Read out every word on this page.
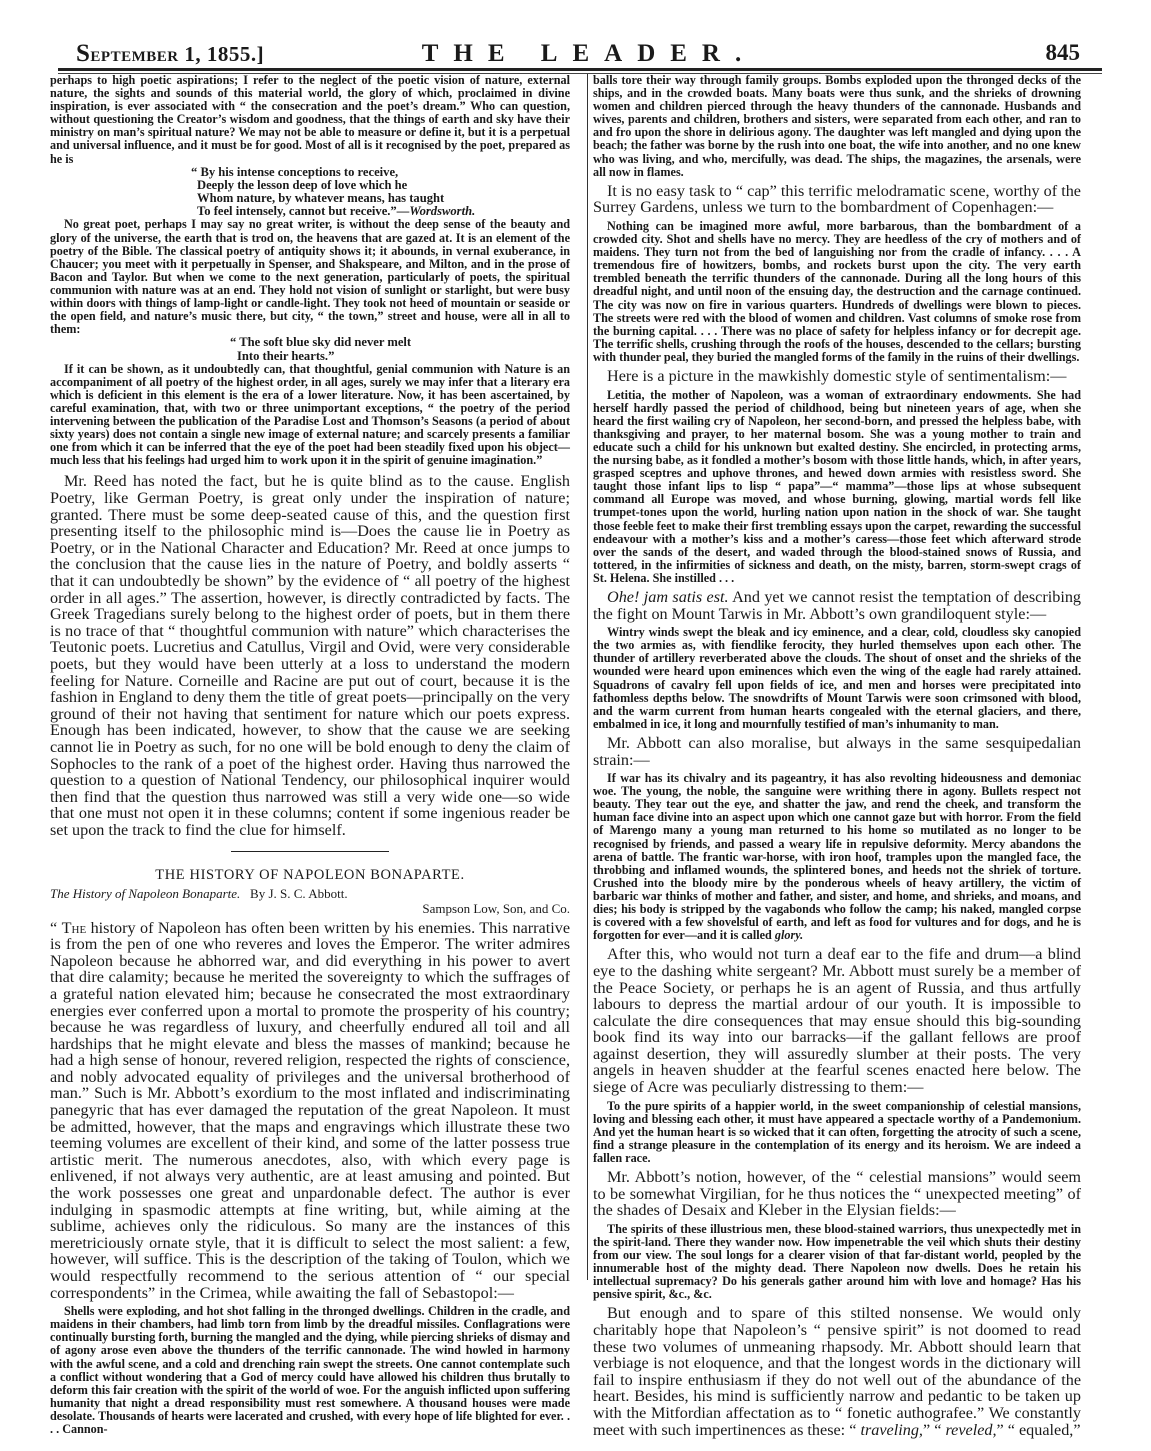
September 1, 1855.]	THE LEADER.	845

perhaps to high poetic aspirations; I refer to the neglect of the poetic vision of nature, external nature, the sights and sounds of this material world, the glory of which, proclaimed in divine inspiration, is ever associated with “ the consecration and the poet’s dream.” Who can question, without questioning the Creator’s wisdom and goodness, that the things of earth and sky have their ministry on man’s spiritual nature? We may not be able to measure or define it, but it is a perpetual and universal influence, and it must be for good. Most of all is it recognised by the poet, prepared as he is

“ By his intense conceptions to receive,
Deeply the lesson deep of love which he
Whom nature, by whatever means, has taught
To feel intensely, cannot but receive.”—Wordsworth.

No great poet, perhaps I may say no great writer, is without the deep sense of the beauty and glory of the universe, the earth that is trod on, the heavens that are gazed at. It is an element of the poetry of the Bible. The classical poetry of antiquity shows it; it abounds, in vernal exuberance, in Chaucer; you meet with it perpetually in Spenser, and Shakspeare, and Milton, and in the prose of Bacon and Taylor. But when we come to the next generation, particularly of poets, the spiritual communion with nature was at an end. They hold not vision of sunlight or starlight, but were busy within doors with things of lamp-light or candle-light. They took not heed of mountain or seaside or the open field, and nature’s music there, but city, “ the town,” street and house, were all in all to them:

“ The soft blue sky did never melt
Into their hearts.”

If it can be shown, as it undoubtedly can, that thoughtful, genial communion with Nature is an accompaniment of all poetry of the highest order, in all ages, surely we may infer that a literary era which is deficient in this element is the era of a lower literature. Now, it has been ascertained, by careful examination, that, with two or three unimportant exceptions, “ the poetry of the period intervening between the publication of the Paradise Lost and Thomson’s Seasons (a period of about sixty years) does not contain a single new image of external nature; and scarcely presents a familiar one from which it can be inferred that the eye of the poet had been steadily fixed upon his object—much less that his feelings had urged him to work upon it in the spirit of genuine imagination.”

Mr. Reed has noted the fact, but he is quite blind as to the cause. English Poetry, like German Poetry, is great only under the inspiration of nature; granted. There must be some deep-seated cause of this, and the question first presenting itself to the philosophic mind is—Does the cause lie in Poetry as Poetry, or in the National Character and Education? Mr. Reed at once jumps to the conclusion that the cause lies in the nature of Poetry, and boldly asserts “ that it can undoubtedly be shown” by the evidence of “ all poetry of the highest order in all ages.” The assertion, however, is directly contradicted by facts. The Greek Tragedians surely belong to the highest order of poets, but in them there is no trace of that “ thoughtful communion with nature” which characterises the Teutonic poets. Lucretius and Catullus, Virgil and Ovid, were very considerable poets, but they would have been utterly at a loss to understand the modern feeling for Nature. Corneille and Racine are put out of court, because it is the fashion in England to deny them the title of great poets—principally on the very ground of their not having that sentiment for nature which our poets express. Enough has been indicated, however, to show that the cause we are seeking cannot lie in Poetry as such, for no one will be bold enough to deny the claim of Sophocles to the rank of a poet of the highest order. Having thus narrowed the question to a question of National Tendency, our philosophical inquirer would then find that the question thus narrowed was still a very wide one—so wide that one must not open it in these columns; content if some ingenious reader be set upon the track to find the clue for himself.

THE HISTORY OF NAPOLEON BONAPARTE.
The History of Napoleon Bonaparte. By J. S. C. Abbott.
Sampson Low, Son, and Co.

“ The history of Napoleon has often been written by his enemies. This narrative is from the pen of one who reveres and loves the Emperor. The writer admires Napoleon because he abhorred war, and did everything in his power to avert that dire calamity; because he merited the sovereignty to which the suffrages of a grateful nation elevated him; because he consecrated the most extraordinary energies ever conferred upon a mortal to promote the prosperity of his country; because he was regardless of luxury, and cheerfully endured all toil and all hardships that he might elevate and bless the masses of mankind; because he had a high sense of honour, revered religion, respected the rights of conscience, and nobly advocated equality of privileges and the universal brotherhood of man.” Such is Mr. Abbott’s exordium to the most inflated and indiscriminating panegyric that has ever damaged the reputation of the great Napoleon. It must be admitted, however, that the maps and engravings which illustrate these two teeming volumes are excellent of their kind, and some of the latter possess true artistic merit. The numerous anecdotes, also, with which every page is enlivened, if not always very authentic, are at least amusing and pointed. But the work possesses one great and unpardonable defect. The author is ever indulging in spasmodic attempts at fine writing, but, while aiming at the sublime, achieves only the ridiculous. So many are the instances of this meretriciously ornate style, that it is difficult to select the most salient: a few, however, will suffice. This is the description of the taking of Toulon, which we would respectfully recommend to the serious attention of “ our special correspondents” in the Crimea, while awaiting the fall of Sebastopol:—

Shells were exploding, and hot shot falling in the thronged dwellings. Children in the cradle, and maidens in their chambers, had limb torn from limb by the dreadful missiles. Conflagrations were continually bursting forth, burning the mangled and the dying, while piercing shrieks of dismay and of agony arose even above the thunders of the terrific cannonade. The wind howled in harmony with the awful scene, and a cold and drenching rain swept the streets. One cannot contemplate such a conflict without wondering that a God of mercy could have allowed his children thus brutally to deform this fair creation with the spirit of the world of woe. For the anguish inflicted upon suffering humanity that night a dread responsibility must rest somewhere. A thousand houses were made desolate. Thousands of hearts were lacerated and crushed, with every hope of life blighted for ever. . . . Cannon-

balls tore their way through family groups. Bombs exploded upon the thronged decks of the ships, and in the crowded boats. Many boats were thus sunk, and the shrieks of drowning women and children pierced through the heavy thunders of the cannonade. Husbands and wives, parents and children, brothers and sisters, were separated from each other, and ran to and fro upon the shore in delirious agony. The daughter was left mangled and dying upon the beach; the father was borne by the rush into one boat, the wife into another, and no one knew who was living, and who, mercifully, was dead. The ships, the magazines, the arsenals, were all now in flames.

It is no easy task to “ cap” this terrific melodramatic scene, worthy of the Surrey Gardens, unless we turn to the bombardment of Copenhagen:—

Nothing can be imagined more awful, more barbarous, than the bombardment of a crowded city. Shot and shells have no mercy. They are heedless of the cry of mothers and of maidens. They turn not from the bed of languishing nor from the cradle of infancy. . . . A tremendous fire of howitzers, bombs, and rockets burst upon the city. The very earth trembled beneath the terrific thunders of the cannonade. During all the long hours of this dreadful night, and until noon of the ensuing day, the destruction and the carnage continued. The city was now on fire in various quarters. Hundreds of dwellings were blown to pieces. The streets were red with the blood of women and children. Vast columns of smoke rose from the burning capital. . . . There was no place of safety for helpless infancy or for decrepit age. The terrific shells, crushing through the roofs of the houses, descended to the cellars; bursting with thunder peal, they buried the mangled forms of the family in the ruins of their dwellings.

Here is a picture in the mawkishly domestic style of sentimentalism:—

Letitia, the mother of Napoleon, was a woman of extraordinary endowments. She had herself hardly passed the period of childhood, being but nineteen years of age, when she heard the first wailing cry of Napoleon, her second-born, and pressed the helpless babe, with thanksgiving and prayer, to her maternal bosom. She was a young mother to train and educate such a child for his unknown but exalted destiny. She encircled, in protecting arms, the nursing babe, as it fondled a mother’s bosom with those little hands, which, in after years, grasped sceptres and uphove thrones, and hewed down armies with resistless sword. She taught those infant lips to lisp “ papa”—“ mamma”—those lips at whose subsequent command all Europe was moved, and whose burning, glowing, martial words fell like trumpet-tones upon the world, hurling nation upon nation in the shock of war. She taught those feeble feet to make their first trembling essays upon the carpet, rewarding the successful endeavour with a mother’s kiss and a mother’s caress—those feet which afterward strode over the sands of the desert, and waded through the blood-stained snows of Russia, and tottered, in the infirmities of sickness and death, on the misty, barren, storm-swept crags of St. Helena. She instilled . . .

Ohe! jam satis est. And yet we cannot resist the temptation of describing the fight on Mount Tarwis in Mr. Abbott’s own grandiloquent style:—

Wintry winds swept the bleak and icy eminence, and a clear, cold, cloudless sky canopied the two armies as, with fiendlike ferocity, they hurled themselves upon each other. The thunder of artillery reverberated above the clouds. The shout of onset and the shrieks of the wounded were heard upon eminences which even the wing of the eagle had rarely attained. Squadrons of cavalry fell upon fields of ice, and men and horses were precipitated into fathomless depths below. The snowdrifts of Mount Tarwis were soon crimsoned with blood, and the warm current from human hearts congealed with the eternal glaciers, and there, embalmed in ice, it long and mournfully testified of man’s inhumanity to man.

Mr. Abbott can also moralise, but always in the same sesquipedalian strain:—

If war has its chivalry and its pageantry, it has also revolting hideousness and demoniac woe. The young, the noble, the sanguine were writhing there in agony. Bullets respect not beauty. They tear out the eye, and shatter the jaw, and rend the cheek, and transform the human face divine into an aspect upon which one cannot gaze but with horror. From the field of Marengo many a young man returned to his home so mutilated as no longer to be recognised by friends, and passed a weary life in repulsive deformity. Mercy abandons the arena of battle. The frantic war-horse, with iron hoof, tramples upon the mangled face, the throbbing and inflamed wounds, the splintered bones, and heeds not the shriek of torture. Crushed into the bloody mire by the ponderous wheels of heavy artillery, the victim of barbaric war thinks of mother and father, and sister, and home, and shrieks, and moans, and dies; his body is stripped by the vagabonds who follow the camp; his naked, mangled corpse is covered with a few shovelsful of earth, and left as food for vultures and for dogs, and he is forgotten for ever—and it is called glory.

After this, who would not turn a deaf ear to the fife and drum—a blind eye to the dashing white sergeant? Mr. Abbott must surely be a member of the Peace Society, or perhaps he is an agent of Russia, and thus artfully labours to depress the martial ardour of our youth. It is impossible to calculate the dire consequences that may ensue should this big-sounding book find its way into our barracks—if the gallant fellows are proof against desertion, they will assuredly slumber at their posts. The very angels in heaven shudder at the fearful scenes enacted here below. The siege of Acre was peculiarly distressing to them:—

To the pure spirits of a happier world, in the sweet companionship of celestial mansions, loving and blessing each other, it must have appeared a spectacle worthy of a Pandemonium. And yet the human heart is so wicked that it can often, forgetting the atrocity of such a scene, find a strange pleasure in the contemplation of its energy and its heroism. We are indeed a fallen race.

Mr. Abbott’s notion, however, of the “ celestial mansions” would seem to be somewhat Virgilian, for he thus notices the “ unexpected meeting” of the shades of Desaix and Kleber in the Elysian fields:—

The spirits of these illustrious men, these blood-stained warriors, thus unexpectedly met in the spirit-land. There they wander now. How impenetrable the veil which shuts their destiny from our view. The soul longs for a clearer vision of that far-distant world, peopled by the innumerable host of the mighty dead. There Napoleon now dwells. Does he retain his intellectual supremacy? Do his generals gather around him with love and homage? Has his pensive spirit, &c., &c.

But enough and to spare of this stilted nonsense. We would only charitably hope that Napoleon’s “ pensive spirit” is not doomed to read these two volumes of unmeaning rhapsody. Mr. Abbott should learn that verbiage is not eloquence, and that the longest words in the dictionary will fail to inspire enthusiasm if they do not well out of the abundance of the heart. Besides, his mind is sufficiently narrow and pedantic to be taken up with the Mitfordian affectation as to “ fonetic authografee.” We constantly meet with such impertinences as these: “ traveling,” “ reveled,” “ equaled,”
